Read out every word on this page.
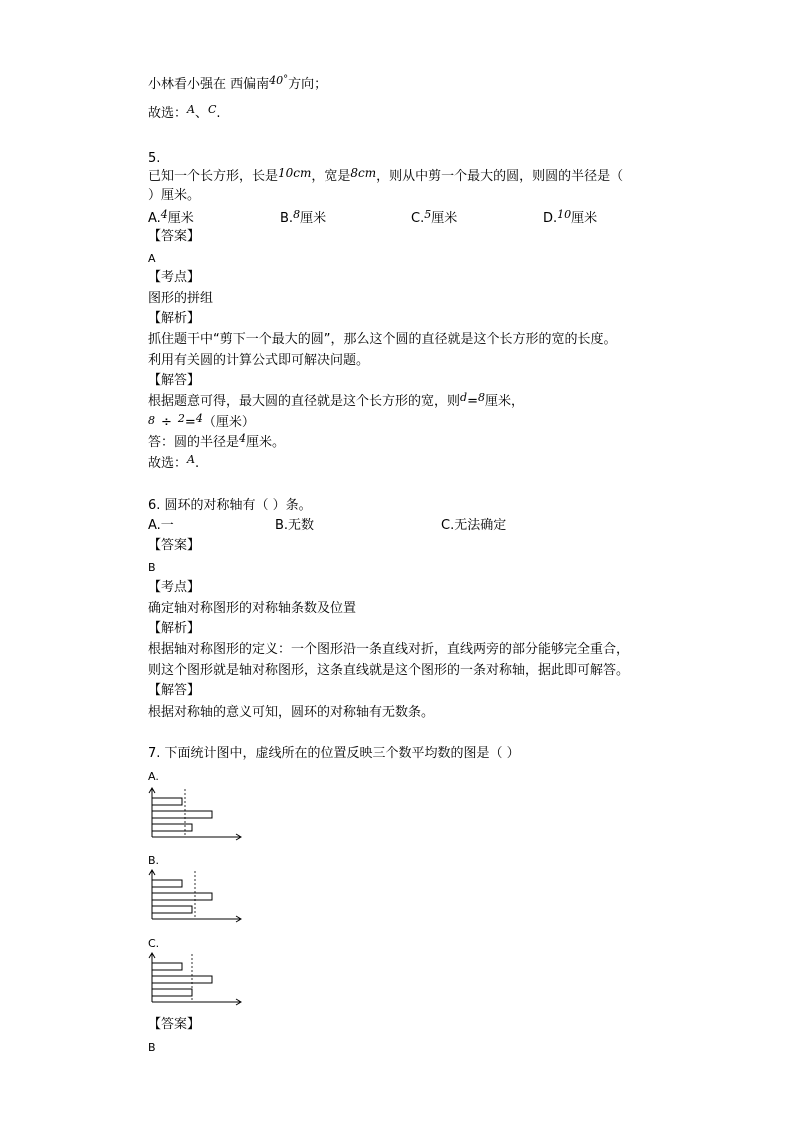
小林看小强在 西偏南$^{40^\circ}$方向；
故选：$^A$、$^C$.
5.
已知一个长方形，长是10cm，宽是8cm，则从中剪一个最大的圆，则圆的半径是（
）厘米。
A.$^4$厘米	B.$^8$厘米	C.$^5$厘米	D.$^{10}$厘米
【答案】
A
【考点】
图形的拼组
【解析】
抓住题干中“剪下一个最大的圆”，那么这个圆的直径就是这个长方形的宽的长度。
利用有关圆的计算公式即可解决问题。
【解答】
根据题意可得，最大圆的直径就是这个长方形的宽，则$^d$=$^8$厘米，
8 ÷ $^2$=$^4$（厘米）
答：圆的半径是$^4$厘米。
故选：$^A$.
6. 圆环的对称轴有（ ）条。
A.一	B.无数	C.无法确定
【答案】
B
【考点】
确定轴对称图形的对称轴条数及位置
【解析】
根据轴对称图形的定义：一个图形沿一条直线对折，直线两旁的部分能够完全重合，
则这个图形就是轴对称图形，这条直线就是这个图形的一条对称轴，据此即可解答。
【解答】
根据对称轴的意义可知，圆环的对称轴有无数条。
7. 下面统计图中，虚线所在的位置反映三个数平均数的图是（ ）
A.
B.
C.
【答案】
B
